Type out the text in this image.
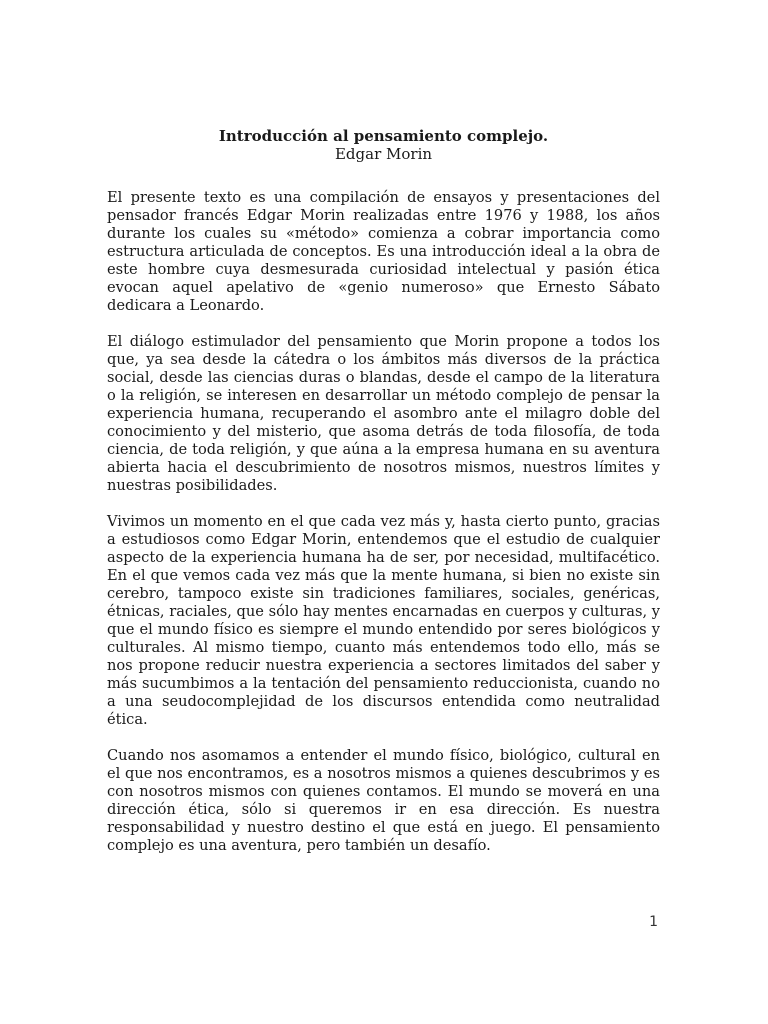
Introducción al pensamiento complejo.

Edgar Morin

El presente texto es una compilación de ensayos y presentaciones del pensador francés Edgar Morin realizadas entre 1976 y 1988, los años durante los cuales su «método» comienza a cobrar importancia como estructura articulada de conceptos. Es una introducción ideal a la obra de este hombre cuya desmesurada curiosidad intelectual y pasión ética evocan aquel apelativo de «genio numeroso» que Ernesto Sábato dedicara a Leonardo.

El diálogo estimulador del pensamiento que Morin propone a todos los que, ya sea desde la cátedra o los ámbitos más diversos de la práctica social, desde las ciencias duras o blandas, desde el campo de la literatura o la religión, se interesen en desarrollar un método complejo de pensar la experiencia humana, recuperando el asombro ante el milagro doble del conocimiento y del misterio, que asoma detrás de toda filosofía, de toda ciencia, de toda religión, y que aúna a la empresa humana en su aventura abierta hacia el descubrimiento de nosotros mismos, nuestros límites y nuestras posibilidades.

Vivimos un momento en el que cada vez más y, hasta cierto punto, gracias a estudiosos como Edgar Morin, entendemos que el estudio de cualquier aspecto de la experiencia humana ha de ser, por necesidad, multifacético. En el que vemos cada vez más que la mente humana, si bien no existe sin cerebro, tampoco existe sin tradiciones familiares, sociales, genéricas, étnicas, raciales, que sólo hay mentes encarnadas en cuerpos y culturas, y que el mundo físico es siempre el mundo entendido por seres biológicos y culturales. Al mismo tiempo, cuanto más entendemos todo ello, más se nos propone reducir nuestra experiencia a sectores limitados del saber y más sucumbimos a la tentación del pensamiento reduccionista, cuando no a una seudocomplejidad de los discursos entendida como neutralidad ética.

Cuando nos asomamos a entender el mundo físico, biológico, cultural en el que nos encontramos, es a nosotros mismos a quienes descubrimos y es con nosotros mismos con quienes contamos. El mundo se moverá en una dirección ética, sólo si queremos ir en esa dirección. Es nuestra responsabilidad y nuestro destino el que está en juego. El pensamiento complejo es una aventura, pero también un desafío.

1
